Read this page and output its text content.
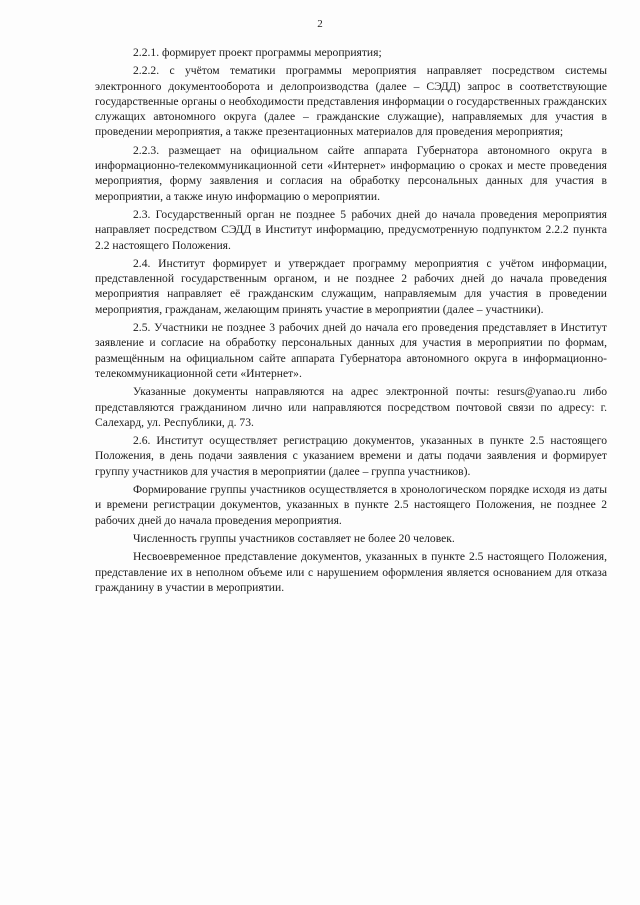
2

2.2.1. формирует проект программы мероприятия;

2.2.2. с учётом тематики программы мероприятия направляет посредством системы электронного документооборота и делопроизводства (далее – СЭДД) запрос в соответствующие государственные органы о необходимости представления информации о государственных гражданских служащих автономного округа (далее – гражданские служащие), направляемых для участия в проведении мероприятия, а также презентационных материалов для проведения мероприятия;

2.2.3. размещает на официальном сайте аппарата Губернатора автономного округа в информационно-телекоммуникационной сети «Интернет» информацию о сроках и месте проведения мероприятия, форму заявления и согласия на обработку персональных данных для участия в мероприятии, а также иную информацию о мероприятии.

2.3. Государственный орган не позднее 5 рабочих дней до начала проведения мероприятия направляет посредством СЭДД в Институт информацию, предусмотренную подпунктом 2.2.2 пункта 2.2 настоящего Положения.

2.4. Институт формирует и утверждает программу мероприятия с учётом информации, представленной государственным органом, и не позднее 2 рабочих дней до начала проведения мероприятия направляет её гражданским служащим, направляемым для участия в проведении мероприятия, гражданам, желающим принять участие в мероприятии (далее – участники).

2.5. Участники не позднее 3 рабочих дней до начала его проведения представляет в Институт заявление и согласие на обработку персональных данных для участия в мероприятии по формам, размещённым на официальном сайте аппарата Губернатора автономного округа в информационно-телекоммуникационной сети «Интернет».

Указанные документы направляются на адрес электронной почты: resurs@yanao.ru либо представляются гражданином лично или направляются посредством почтовой связи по адресу: г. Салехард, ул. Республики, д. 73.

2.6. Институт осуществляет регистрацию документов, указанных в пункте 2.5 настоящего Положения, в день подачи заявления с указанием времени и даты подачи заявления и формирует группу участников для участия в мероприятии (далее – группа участников).

Формирование группы участников осуществляется в хронологическом порядке исходя из даты и времени регистрации документов, указанных в пункте 2.5 настоящего Положения, не позднее 2 рабочих дней до начала проведения мероприятия.

Численность группы участников составляет не более 20 человек.

Несвоевременное представление документов, указанных в пункте 2.5 настоящего Положения, представление их в неполном объеме или с нарушением оформления является основанием для отказа гражданину в участии в мероприятии.
